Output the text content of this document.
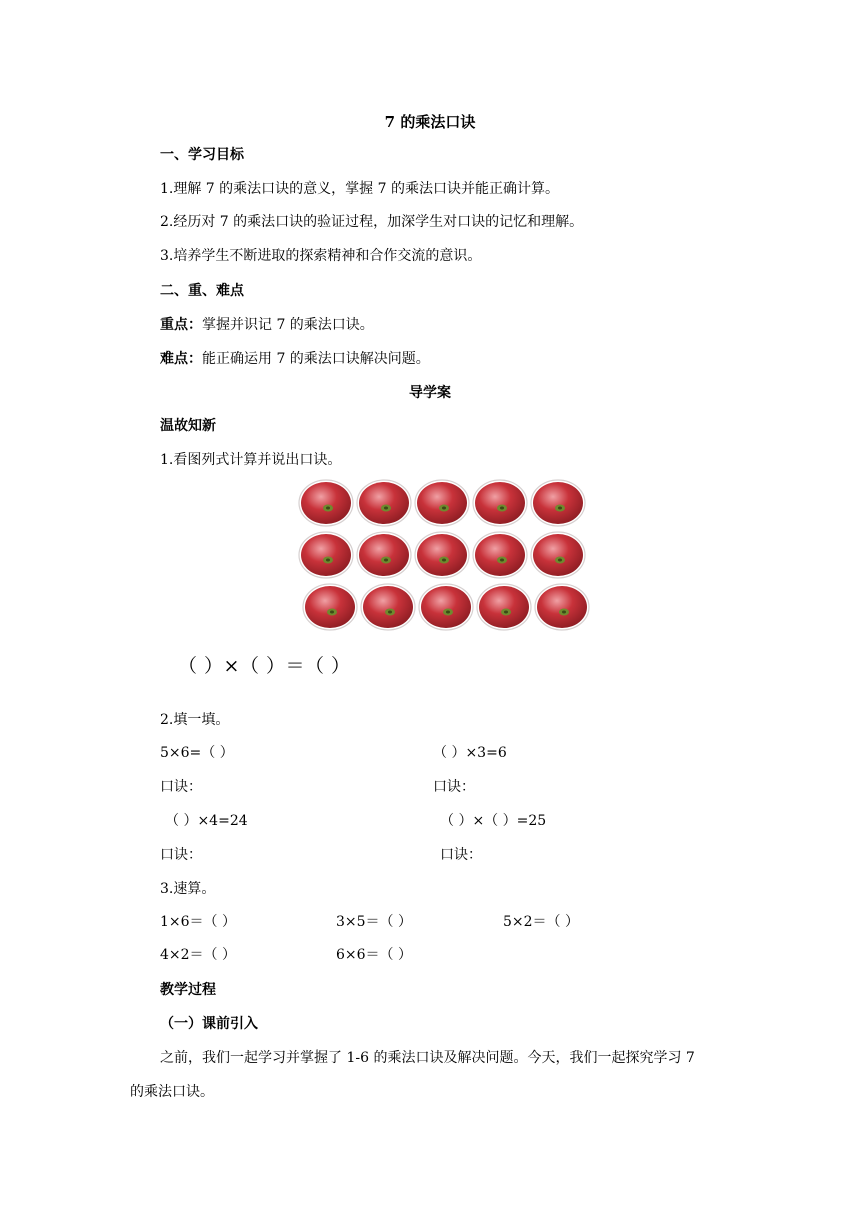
7 的乘法口诀
一、学习目标
1.理解 7 的乘法口诀的意义，掌握 7 的乘法口诀并能正确计算。
2.经历对 7 的乘法口诀的验证过程，加深学生对口诀的记忆和理解。
3.培养学生不断进取的探索精神和合作交流的意识。
二、重、难点
重点：掌握并识记 7 的乘法口诀。
难点：能正确运用 7 的乘法口诀解决问题。
导学案
温故知新
1.看图列式计算并说出口诀。
（ ）×（ ）＝（ ）
2.填一填。
5×6=（ ）	（ ）×3=6
口诀：	口诀：
（ ）×4=24	（ ）×（ ）=25
口诀：	口诀：
3.速算。
1×6＝（ ）	3×5＝（ ）	5×2＝（ ）
4×2＝（ ）	6×6＝（ ）
教学过程
（一）课前引入
之前，我们一起学习并掌握了 1-6 的乘法口诀及解决问题。今天，我们一起探究学习 7
的乘法口诀。
